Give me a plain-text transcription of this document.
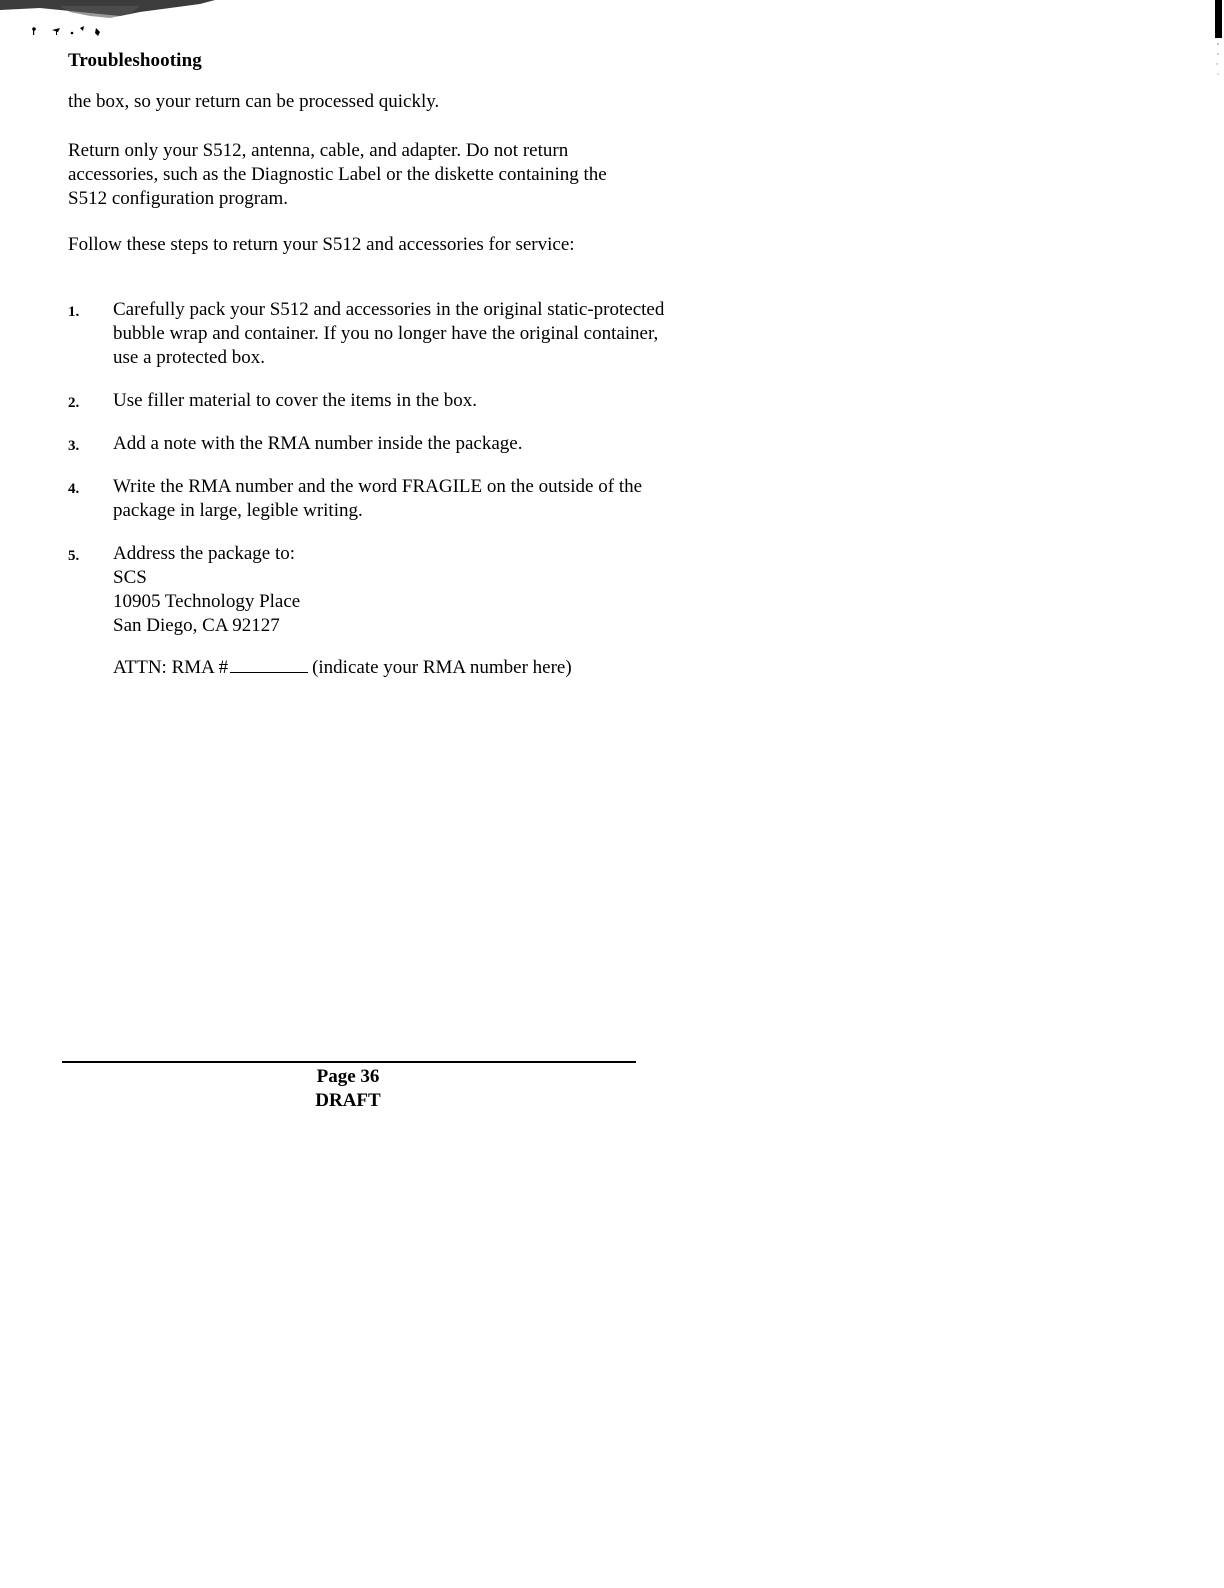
Troubleshooting

the box, so your return can be processed quickly.

Return only your S512, antenna, cable, and adapter. Do not return accessories, such as the Diagnostic Label or the diskette containing the S512 configuration program.

Follow these steps to return your S512 and accessories for service:

1. Carefully pack your S512 and accessories in the original static-protected bubble wrap and container. If you no longer have the original container, use a protected box.
2. Use filler material to cover the items in the box.
3. Add a note with the RMA number inside the package.
4. Write the RMA number and the word FRAGILE on the outside of the package in large, legible writing.
5. Address the package to:
SCS
10905 Technology Place
San Diego, CA 92127
ATTN: RMA #	(indicate your RMA number here)
Page 36
DRAFT
